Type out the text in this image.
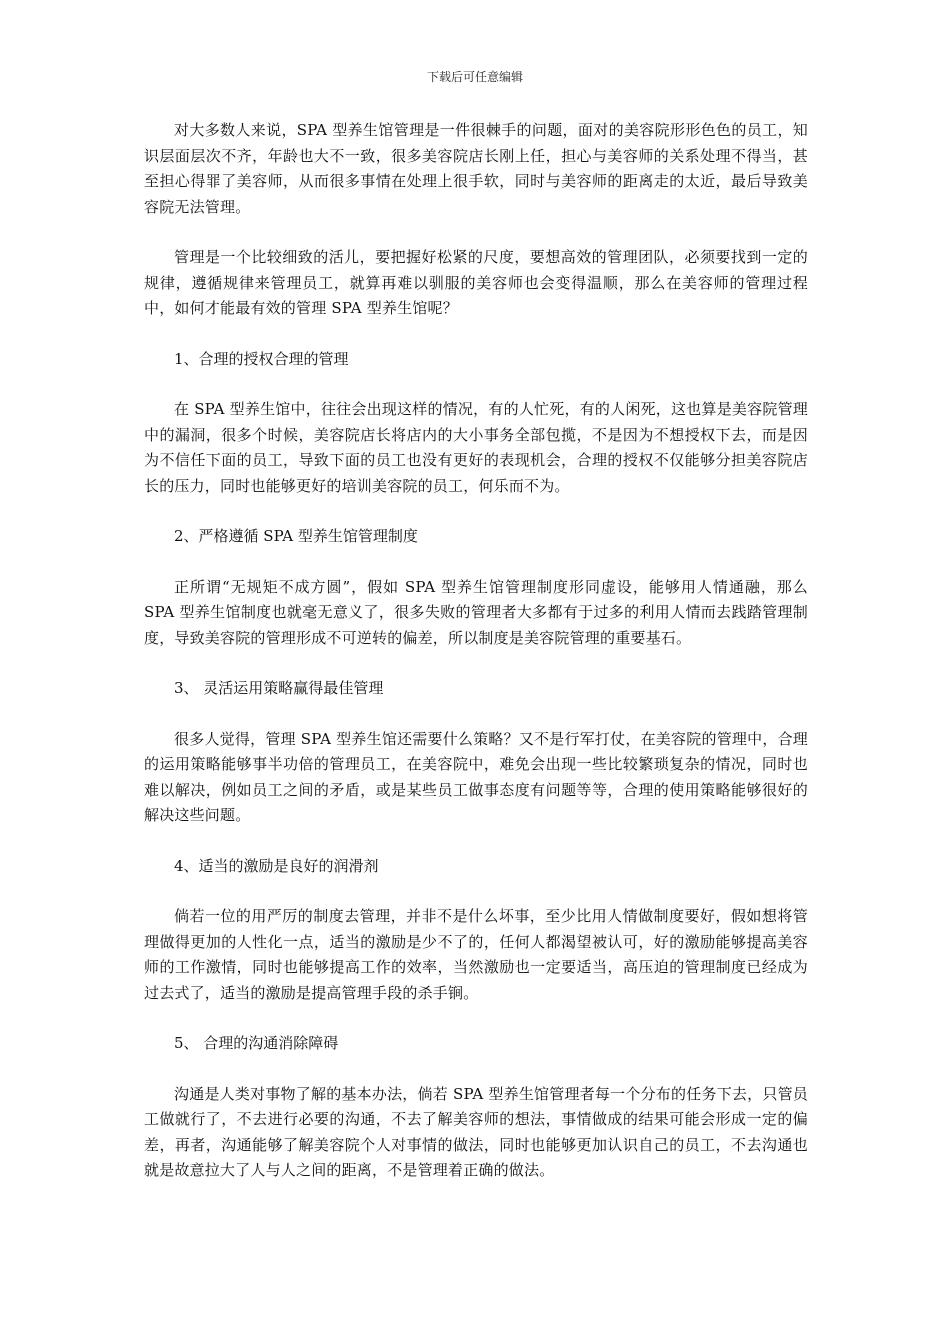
下载后可任意编辑

对大多数人来说，SPA 型养生馆管理是一件很棘手的问题，面对的美容院形形色色的员工，知识层面层次不齐，年龄也大不一致，很多美容院店长刚上任，担心与美容师的关系处理不得当，甚至担心得罪了美容师，从而很多事情在处理上很手软，同时与美容师的距离走的太近，最后导致美容院无法管理。

管理是一个比较细致的活儿，要把握好松紧的尺度，要想高效的管理团队，必须要找到一定的规律，遵循规律来管理员工，就算再难以驯服的美容师也会变得温顺，那么在美容师的管理过程中，如何才能最有效的管理 SPA 型养生馆呢？

1、合理的授权合理的管理

在 SPA 型养生馆中，往往会出现这样的情况，有的人忙死，有的人闲死，这也算是美容院管理中的漏洞，很多个时候，美容院店长将店内的大小事务全部包揽，不是因为不想授权下去，而是因为不信任下面的员工，导致下面的员工也没有更好的表现机会，合理的授权不仅能够分担美容院店长的压力，同时也能够更好的培训美容院的员工，何乐而不为。

2、严格遵循 SPA 型养生馆管理制度

正所谓“无规矩不成方圆”，假如 SPA 型养生馆管理制度形同虚设，能够用人情通融，那么 SPA 型养生馆制度也就毫无意义了，很多失败的管理者大多都有于过多的利用人情而去践踏管理制度，导致美容院的管理形成不可逆转的偏差，所以制度是美容院管理的重要基石。

3、 灵活运用策略赢得最佳管理

很多人觉得，管理 SPA 型养生馆还需要什么策略？又不是行军打仗，在美容院的管理中，合理的运用策略能够事半功倍的管理员工，在美容院中，难免会出现一些比较繁琐复杂的情况，同时也难以解决，例如员工之间的矛盾，或是某些员工做事态度有问题等等，合理的使用策略能够很好的解决这些问题。

4、适当的激励是良好的润滑剂

倘若一位的用严厉的制度去管理，并非不是什么坏事，至少比用人情做制度要好，假如想将管理做得更加的人性化一点，适当的激励是少不了的，任何人都渴望被认可，好的激励能够提高美容师的工作激情，同时也能够提高工作的效率，当然激励也一定要适当，高压迫的管理制度已经成为过去式了，适当的激励是提高管理手段的杀手锏。

5、 合理的沟通消除障碍

沟通是人类对事物了解的基本办法，倘若 SPA 型养生馆管理者每一个分布的任务下去，只管员工做就行了，不去进行必要的沟通，不去了解美容师的想法，事情做成的结果可能会形成一定的偏差，再者，沟通能够了解美容院个人对事情的做法，同时也能够更加认识自己的员工，不去沟通也就是故意拉大了人与人之间的距离，不是管理着正确的做法。
